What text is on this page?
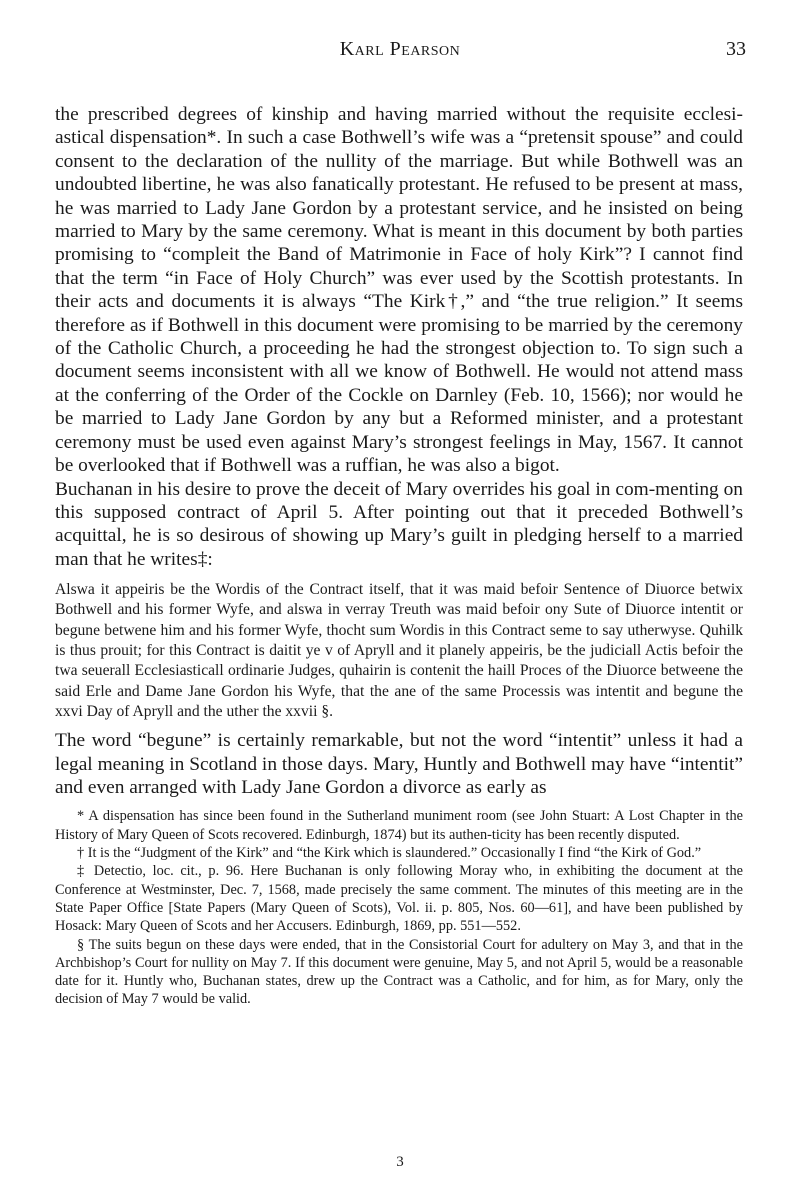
Karl Pearson	33

the prescribed degrees of kinship and having married without the requisite ecclesi-astical dispensation*. In such a case Bothwell’s wife was a “pretensit spouse” and could consent to the declaration of the nullity of the marriage. But while Bothwell was an undoubted libertine, he was also fanatically protestant. He refused to be present at mass, he was married to Lady Jane Gordon by a protestant service, and he insisted on being married to Mary by the same ceremony. What is meant in this document by both parties promising to “compleit the Band of Matrimonie in Face of holy Kirk”? I cannot find that the term “in Face of Holy Church” was ever used by the Scottish protestants. In their acts and documents it is always “The Kirk†,” and “the true religion.” It seems therefore as if Bothwell in this document were promising to be married by the ceremony of the Catholic Church, a proceeding he had the strongest objection to. To sign such a document seems inconsistent with all we know of Bothwell. He would not attend mass at the conferring of the Order of the Cockle on Darnley (Feb. 10, 1566); nor would he be married to Lady Jane Gordon by any but a Reformed minister, and a protestant ceremony must be used even against Mary’s strongest feelings in May, 1567. It cannot be overlooked that if Bothwell was a ruffian, he was also a bigot.

Buchanan in his desire to prove the deceit of Mary overrides his goal in com-menting on this supposed contract of April 5. After pointing out that it preceded Bothwell’s acquittal, he is so desirous of showing up Mary’s guilt in pledging herself to a married man that he writes‡:

Alswa it appeiris be the Wordis of the Contract itself, that it was maid befoir Sentence of Diuorce betwix Bothwell and his former Wyfe, and alswa in verray Treuth was maid befoir ony Sute of Diuorce intentit or begune betwene him and his former Wyfe, thocht sum Wordis in this Contract seme to say utherwyse. Quhilk is thus prouit; for this Contract is daitit ye v of Apryll and it planely appeiris, be the judiciall Actis befoir the twa seuerall Ecclesiasticall ordinarie Judges, quhairin is contenit the haill Proces of the Diuorce betweene the said Erle and Dame Jane Gordon his Wyfe, that the ane of the same Processis was intentit and begune the xxvi Day of Apryll and the uther the xxvii §.

The word “begune” is certainly remarkable, but not the word “intentit” unless it had a legal meaning in Scotland in those days. Mary, Huntly and Bothwell may have “intentit” and even arranged with Lady Jane Gordon a divorce as early as

* A dispensation has since been found in the Sutherland muniment room (see John Stuart: A Lost Chapter in the History of Mary Queen of Scots recovered. Edinburgh, 1874) but its authen-ticity has been recently disputed.

† It is the “Judgment of the Kirk” and “the Kirk which is slaundered.” Occasionally I find “the Kirk of God.”

‡ Detectio, loc. cit., p. 96. Here Buchanan is only following Moray who, in exhibiting the document at the Conference at Westminster, Dec. 7, 1568, made precisely the same comment. The minutes of this meeting are in the State Paper Office [State Papers (Mary Queen of Scots), Vol. ii. p. 805, Nos. 60—61], and have been published by Hosack: Mary Queen of Scots and her Accusers. Edinburgh, 1869, pp. 551—552.

§ The suits begun on these days were ended, that in the Consistorial Court for adultery on May 3, and that in the Archbishop’s Court for nullity on May 7. If this document were genuine, May 5, and not April 5, would be a reasonable date for it. Huntly who, Buchanan states, drew up the Contract was a Catholic, and for him, as for Mary, only the decision of May 7 would be valid.

3
